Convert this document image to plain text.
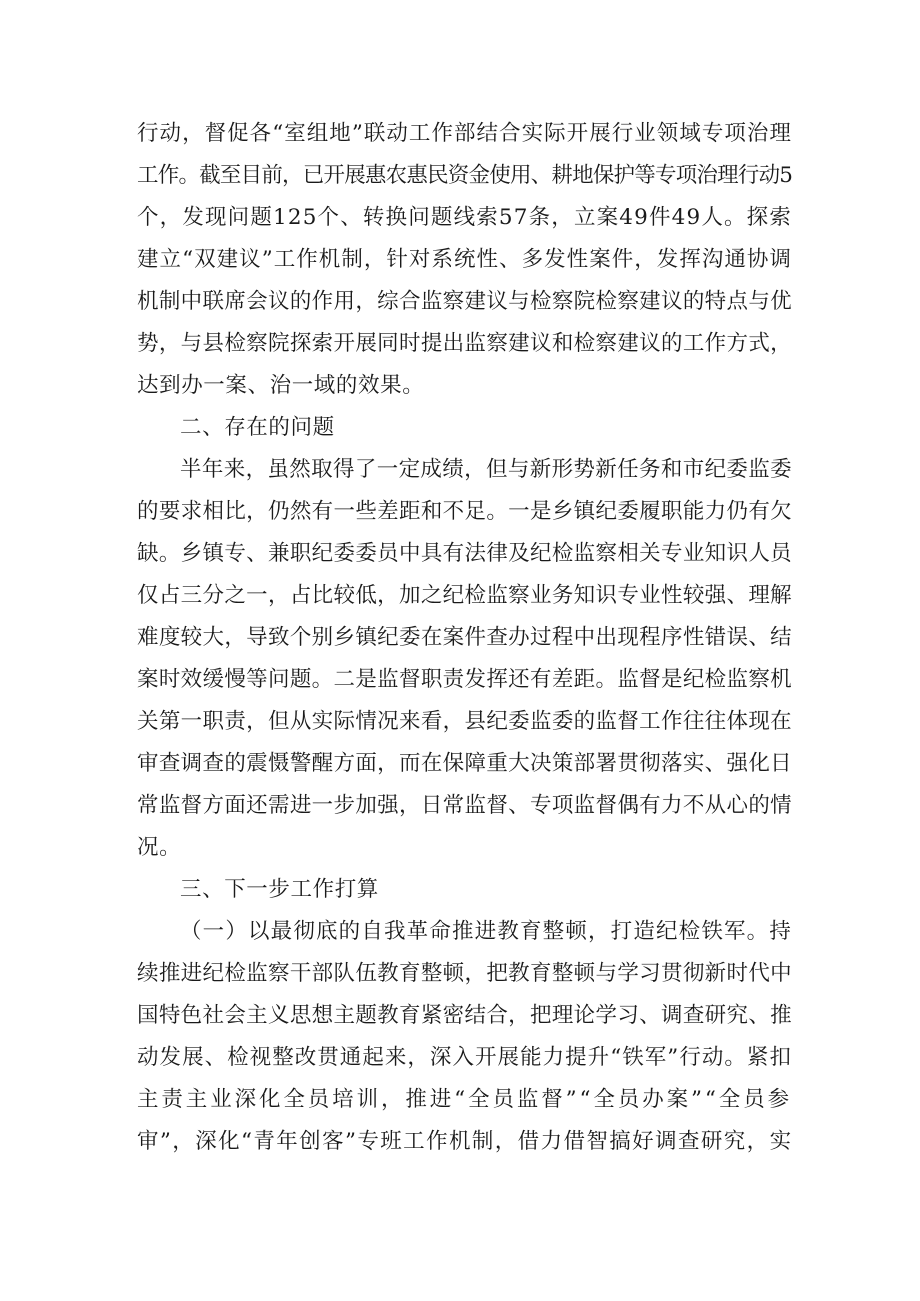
行动，督促各“室组地”联动工作部结合实际开展行业领域专项治理
工作。截至目前，已开展惠农惠民资金使用、耕地保护等专项治理行动5
个，发现问题125个、转换问题线索57条，立案49件49人。探索
建立“双建议”工作机制，针对系统性、多发性案件，发挥沟通协调
机制中联席会议的作用，综合监察建议与检察院检察建议的特点与优
势，与县检察院探索开展同时提出监察建议和检察建议的工作方式，
达到办一案、治一域的效果。
二、存在的问题
半年来，虽然取得了一定成绩，但与新形势新任务和市纪委监委
的要求相比，仍然有一些差距和不足。一是乡镇纪委履职能力仍有欠
缺。乡镇专、兼职纪委委员中具有法律及纪检监察相关专业知识人员
仅占三分之一，占比较低，加之纪检监察业务知识专业性较强、理解
难度较大，导致个别乡镇纪委在案件查办过程中出现程序性错误、结
案时效缓慢等问题。二是监督职责发挥还有差距。监督是纪检监察机
关第一职责，但从实际情况来看，县纪委监委的监督工作往往体现在
审查调查的震慑警醒方面，而在保障重大决策部署贯彻落实、强化日
常监督方面还需进一步加强，日常监督、专项监督偶有力不从心的情
况。
三、下一步工作打算
（一）以最彻底的自我革命推进教育整顿，打造纪检铁军。持
续推进纪检监察干部队伍教育整顿，把教育整顿与学习贯彻新时代中
国特色社会主义思想主题教育紧密结合，把理论学习、调查研究、推
动发展、检视整改贯通起来，深入开展能力提升“铁军”行动。紧扣
主责主业深化全员培训，推进“全员监督”“全员办案”“全员参
审”，深化“青年创客”专班工作机制，借力借智搞好调查研究，实
